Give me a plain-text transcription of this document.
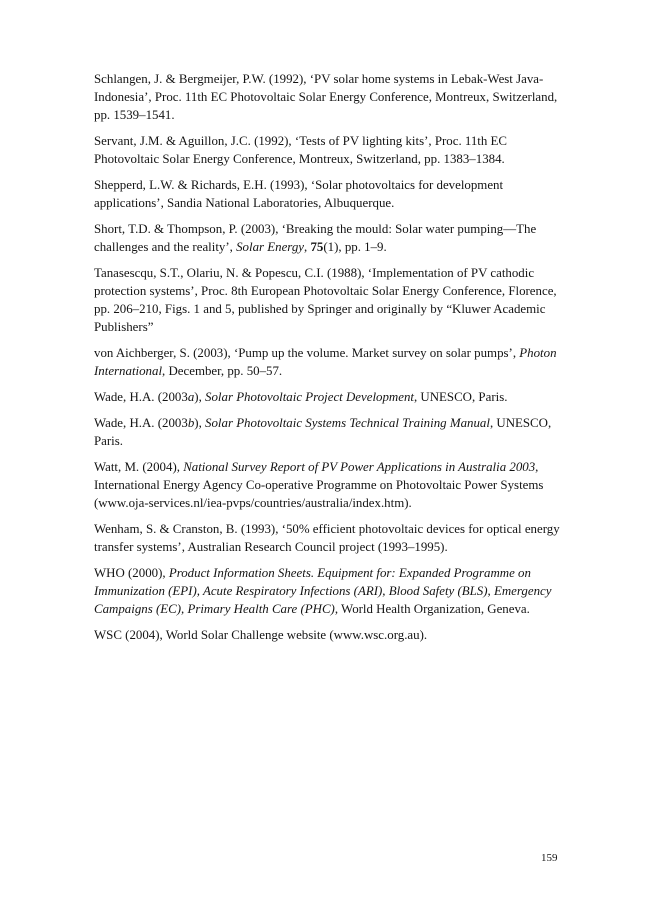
Schlangen, J. & Bergmeijer, P.W. (1992), ‘PV solar home systems in Lebak-West Java-Indonesia’, Proc. 11th EC Photovoltaic Solar Energy Conference, Montreux, Switzerland, pp. 1539–1541.

Servant, J.M. & Aguillon, J.C. (1992), ‘Tests of PV lighting kits’, Proc. 11th EC Photovoltaic Solar Energy Conference, Montreux, Switzerland, pp. 1383–1384.

Shepperd, L.W. & Richards, E.H. (1993), ‘Solar photovoltaics for development applications’, Sandia National Laboratories, Albuquerque.

Short, T.D. & Thompson, P. (2003), ‘Breaking the mould: Solar water pumping—The challenges and the reality’, Solar Energy, 75(1), pp. 1–9.

Tanasescqu, S.T., Olariu, N. & Popescu, C.I. (1988), ‘Implementation of PV cathodic protection systems’, Proc. 8th European Photovoltaic Solar Energy Conference, Florence, pp. 206–210, Figs. 1 and 5, published by Springer and originally by “Kluwer Academic Publishers”

von Aichberger, S. (2003), ‘Pump up the volume. Market survey on solar pumps’, Photon International, December, pp. 50–57.

Wade, H.A. (2003a), Solar Photovoltaic Project Development, UNESCO, Paris.

Wade, H.A. (2003b), Solar Photovoltaic Systems Technical Training Manual, UNESCO, Paris.

Watt, M. (2004), National Survey Report of PV Power Applications in Australia 2003, International Energy Agency Co-operative Programme on Photovoltaic Power Systems (www.oja-services.nl/iea-pvps/countries/australia/index.htm).

Wenham, S. & Cranston, B. (1993), ‘50% efficient photovoltaic devices for optical energy transfer systems’, Australian Research Council project (1993–1995).

WHO (2000), Product Information Sheets. Equipment for: Expanded Programme on Immunization (EPI), Acute Respiratory Infections (ARI), Blood Safety (BLS), Emergency Campaigns (EC), Primary Health Care (PHC), World Health Organization, Geneva.

WSC (2004), World Solar Challenge website (www.wsc.org.au).

159
